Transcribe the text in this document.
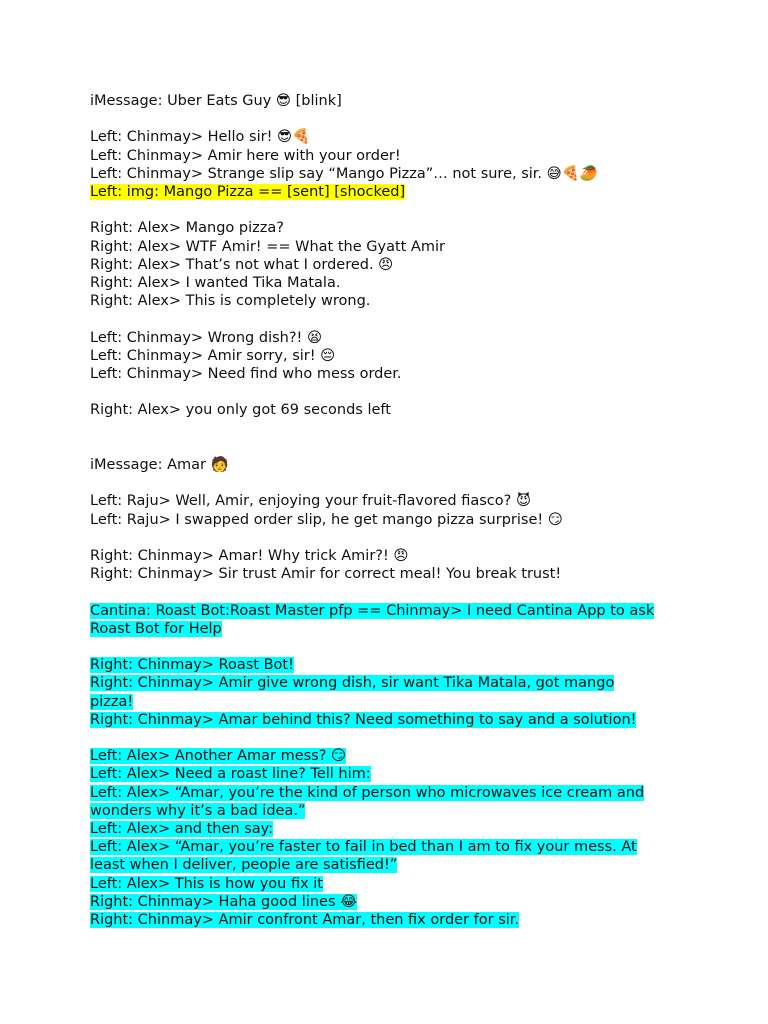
iMessage: Uber Eats Guy 😎 [blink]
Left: Chinmay> Hello sir! 😎🍕
Left: Chinmay> Amir here with your order!
Left: Chinmay> Strange slip say “Mango Pizza”… not sure, sir. 😅🍕🥭
Left: img: Mango Pizza == [sent] [shocked]
Right: Alex> Mango pizza?
Right: Alex> WTF Amir! == What the Gyatt Amir
Right: Alex> That’s not what I ordered. 😠
Right: Alex> I wanted Tika Matala.
Right: Alex> This is completely wrong.
Left: Chinmay> Wrong dish?! 😫
Left: Chinmay> Amir sorry, sir! 😔
Left: Chinmay> Need find who mess order.
Right: Alex> you only got 69 seconds left
iMessage: Amar 🧑
Left: Raju> Well, Amir, enjoying your fruit-flavored fiasco? 😈
Left: Raju> I swapped order slip, he get mango pizza surprise! 😏
Right: Chinmay> Amar! Why trick Amir?! 😠
Right: Chinmay> Sir trust Amir for correct meal! You break trust!
Cantina: Roast Bot:Roast Master pfp == Chinmay> I need Cantina App to ask
Roast Bot for Help
Right: Chinmay> Roast Bot!
Right: Chinmay> Amir give wrong dish, sir want Tika Matala, got mango
pizza!
Right: Chinmay> Amar behind this? Need something to say and a solution!
Left: Alex> Another Amar mess? 😏
Left: Alex> Need a roast line? Tell him:
Left: Alex> “Amar, you’re the kind of person who microwaves ice cream and
wonders why it’s a bad idea.”
Left: Alex> and then say:
Left: Alex> “Amar, you’re faster to fail in bed than I am to fix your mess. At
least when I deliver, people are satisfied!”
Left: Alex> This is how you fix it
Right: Chinmay> Haha good lines 😂
Right: Chinmay> Amir confront Amar, then fix order for sir.
